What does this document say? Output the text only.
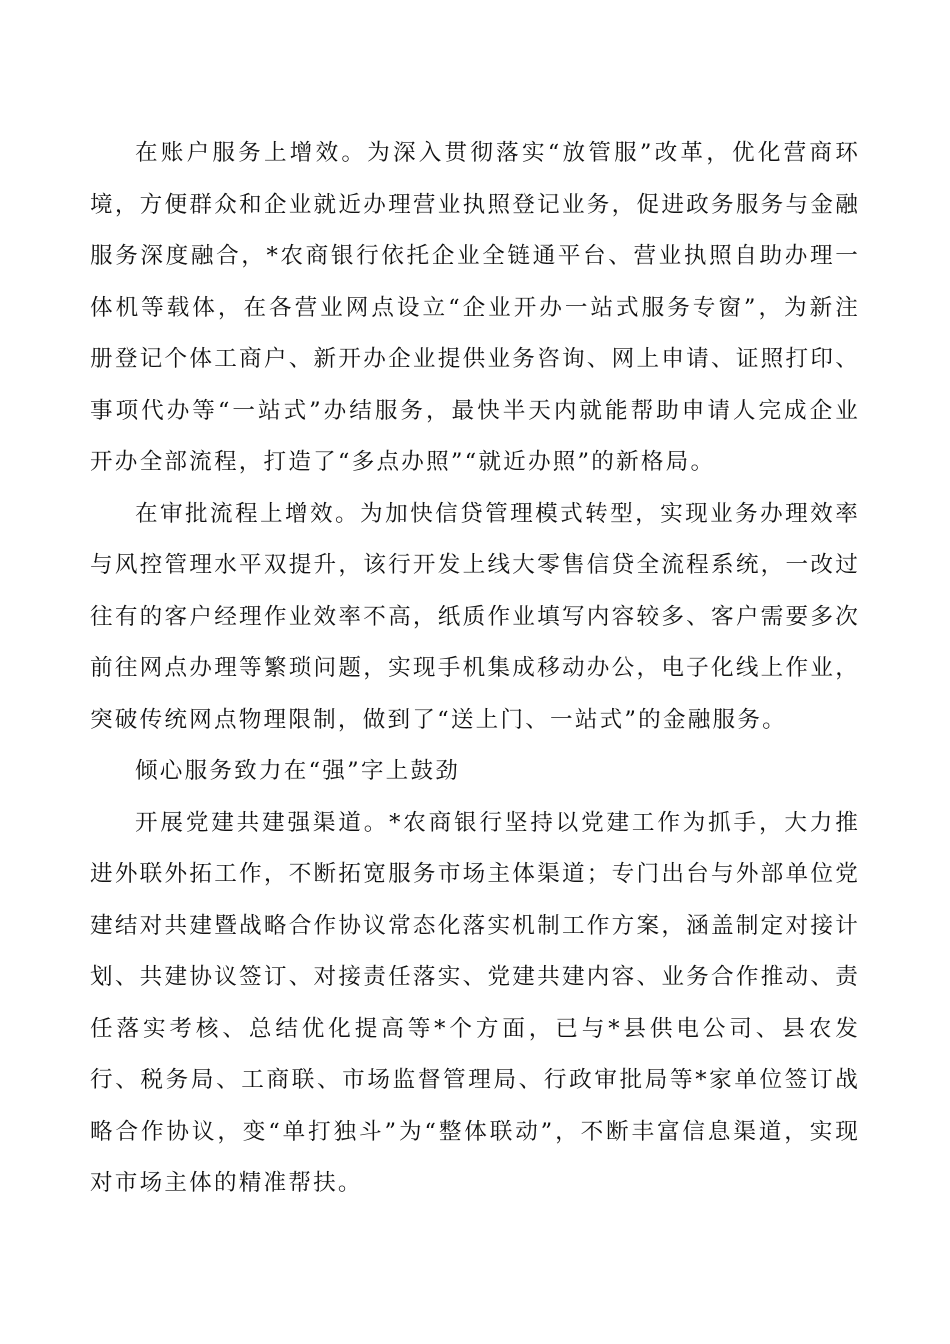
在账户服务上增效。为深入贯彻落实“放管服”改革，优化营商环境，方便群众和企业就近办理营业执照登记业务，促进政务服务与金融服务深度融合，*农商银行依托企业全链通平台、营业执照自助办理一体机等载体，在各营业网点设立“企业开办一站式服务专窗”，为新注册登记个体工商户、新开办企业提供业务咨询、网上申请、证照打印、事项代办等“一站式”办结服务，最快半天内就能帮助申请人完成企业开办全部流程，打造了“多点办照”“就近办照”的新格局。

在审批流程上增效。为加快信贷管理模式转型，实现业务办理效率与风控管理水平双提升，该行开发上线大零售信贷全流程系统，一改过往有的客户经理作业效率不高，纸质作业填写内容较多、客户需要多次前往网点办理等繁琐问题，实现手机集成移动办公，电子化线上作业，突破传统网点物理限制，做到了“送上门、一站式”的金融服务。

倾心服务致力在“强”字上鼓劲

开展党建共建强渠道。*农商银行坚持以党建工作为抓手，大力推进外联外拓工作，不断拓宽服务市场主体渠道；专门出台与外部单位党建结对共建暨战略合作协议常态化落实机制工作方案，涵盖制定对接计划、共建协议签订、对接责任落实、党建共建内容、业务合作推动、责任落实考核、总结优化提高等*个方面，已与*县供电公司、县农发行、税务局、工商联、市场监督管理局、行政审批局等*家单位签订战略合作协议，变“单打独斗”为“整体联动”，不断丰富信息渠道，实现对市场主体的精准帮扶。
